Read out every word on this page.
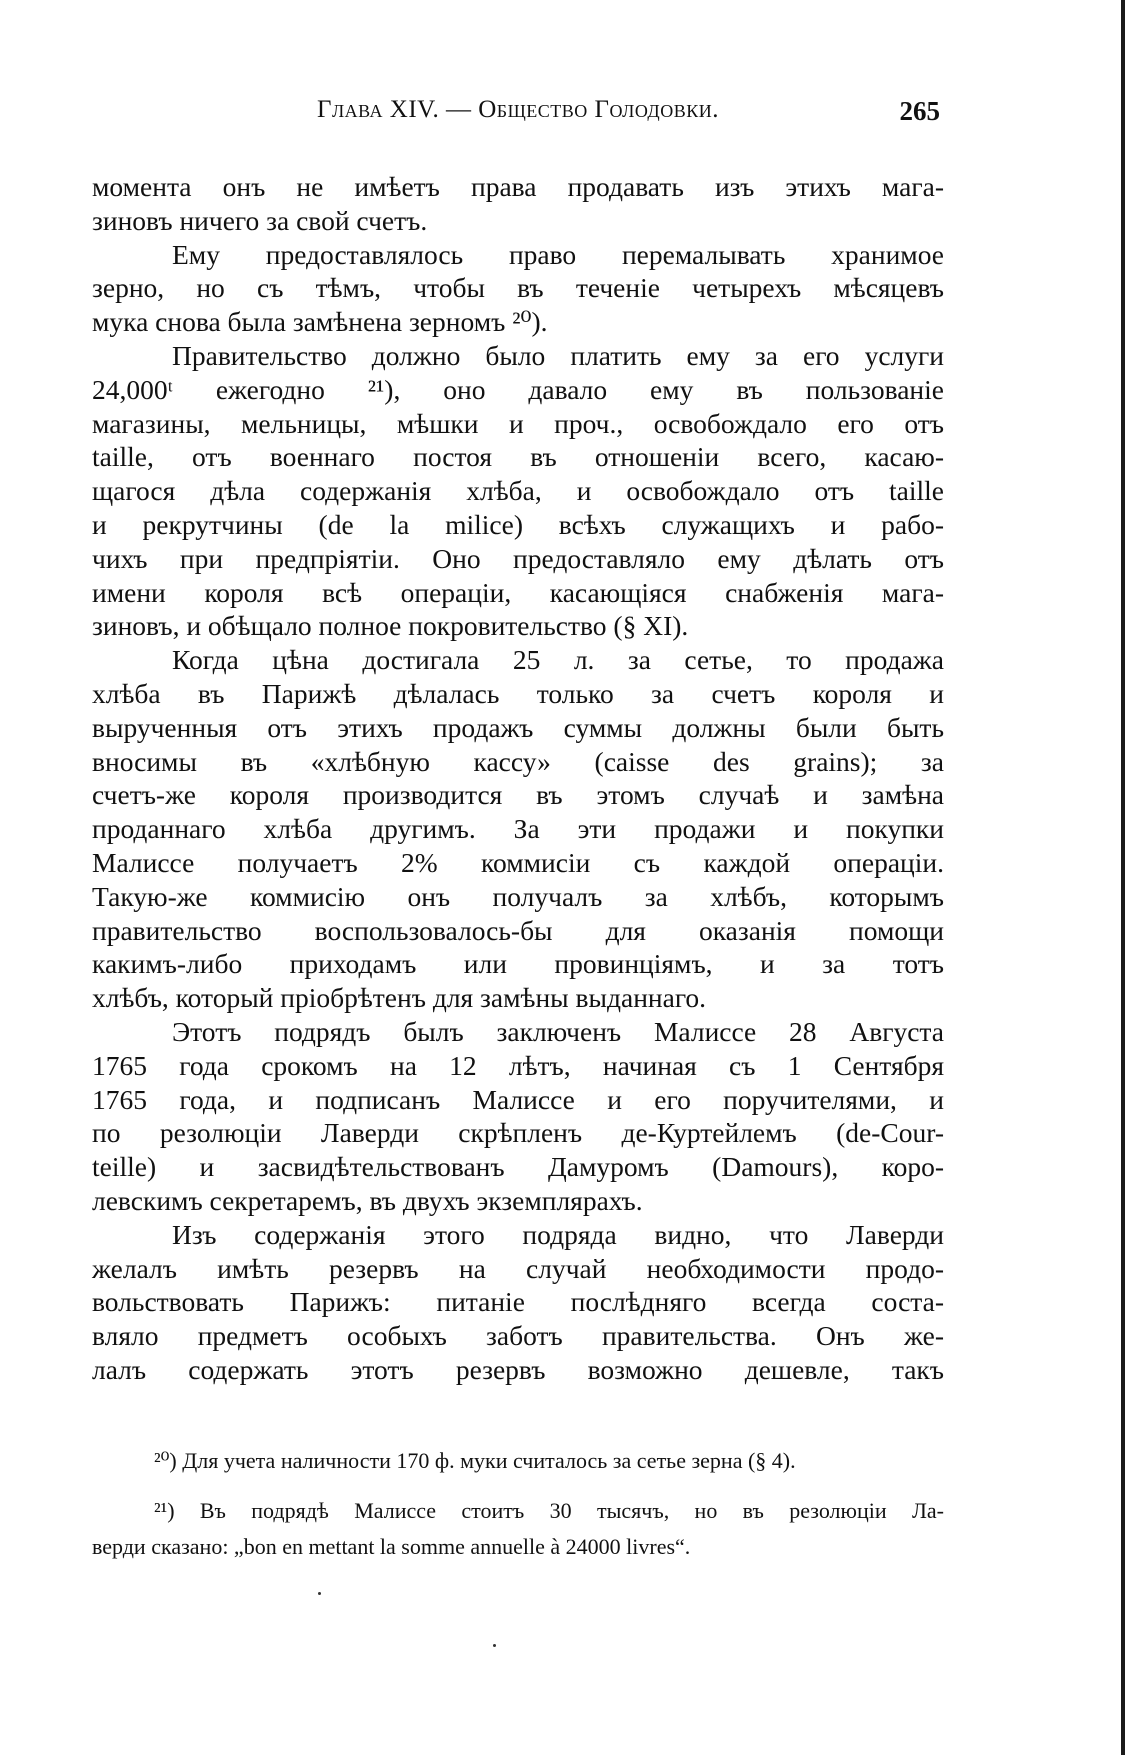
Глава XIV. — Общество Голодовки.	265
момента онъ не имѣетъ права продавать изъ этихъ мага-
зиновъ ничего за свой счетъ.
Ему предоставлялось право перемалывать хранимое
зерно, но съ тѣмъ, чтобы въ теченіе четырехъ мѣсяцевъ
мука снова была замѣнена зерномъ ²⁰).
Правительство должно было платить ему за его услуги
24,000ᵗ ежегодно ²¹), оно давало ему въ пользованіе
магазины, мельницы, мѣшки и проч., освобождало его отъ
taille, отъ военнаго постоя въ отношеніи всего, касаю-
щагося дѣла содержанія хлѣба, и освобождало отъ taille
и рекрутчины (de la milice) всѣхъ служащихъ и рабо-
чихъ при предпріятіи. Оно предоставляло ему дѣлать отъ
имени короля всѣ операціи, касающіяся снабженія мага-
зиновъ, и обѣщало полное покровительство (§ XI).
Когда цѣна достигала 25 л. за сетье, то продажа
хлѣба въ Парижѣ дѣлалась только за счетъ короля и
вырученныя отъ этихъ продажъ суммы должны были быть
вносимы въ «хлѣбную кассу» (caisse des grains); за
счетъ-же короля производится въ этомъ случаѣ и замѣна
проданнаго хлѣба другимъ. За эти продажи и покупки
Малиссе получаетъ 2% коммисіи съ каждой операціи.
Такую-же коммисію онъ получалъ за хлѣбъ, которымъ
правительство воспользовалось-бы для оказанія помощи
какимъ-либо приходамъ или провинціямъ, и за тотъ
хлѣбъ, который пріобрѣтенъ для замѣны выданнаго.
Этотъ подрядъ былъ заключенъ Малиссе 28 Августа
1765 года срокомъ на 12 лѣтъ, начиная съ 1 Сентября
1765 года, и подписанъ Малиссе и его поручителями, и
по резолюціи Лаверди скрѣпленъ де-Куртейлемъ (de-Cour-
teille) и засвидѣтельствованъ Дамуромъ (Damours), коро-
левскимъ секретаремъ, въ двухъ экземплярахъ.
Изъ содержанія этого подряда видно, что Лаверди
желалъ имѣть резервъ на случай необходимости продо-
вольствовать Парижъ: питаніе послѣдняго всегда соста-
вляло предметъ особыхъ заботъ правительства. Онъ же-
лалъ содержать этотъ резервъ возможно дешевле, такъ
²⁰) Для учета наличности 170 ф. муки считалось за сетье зерна (§ 4).
²¹) Въ подрядѣ Малиссе стоитъ 30 тысячъ, но въ резолюціи Ла-
верди сказано: „bon en mettant la somme annuelle à 24000 livres“.
